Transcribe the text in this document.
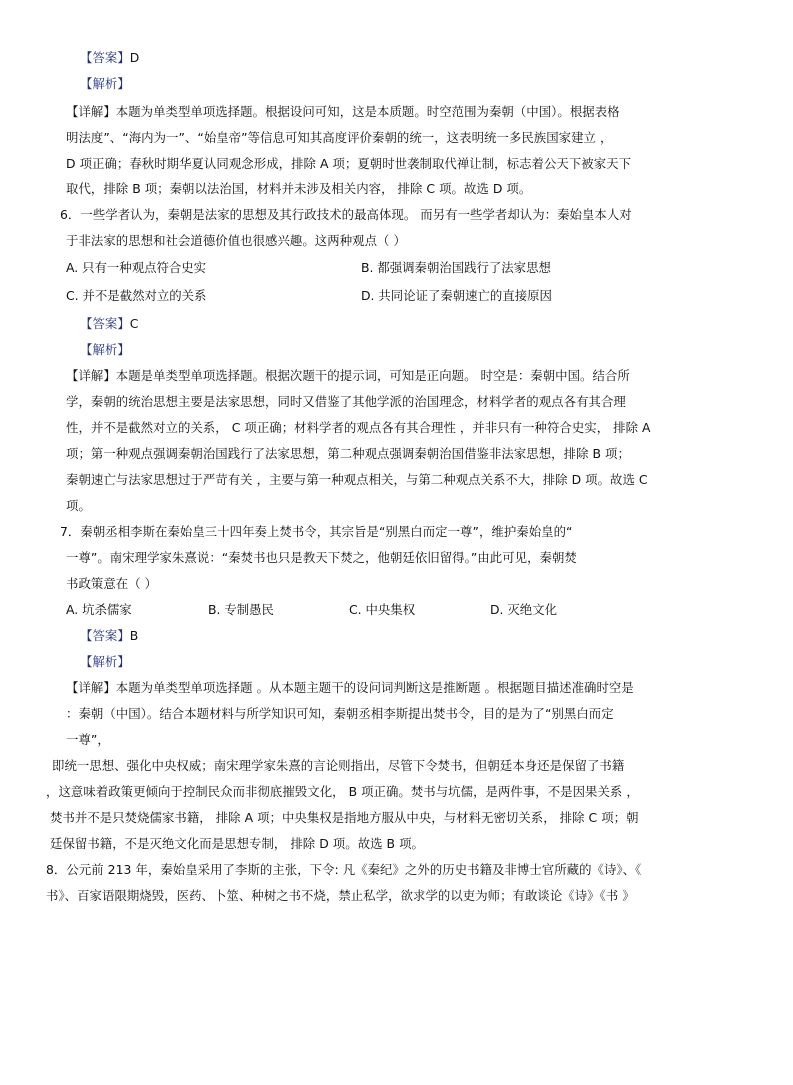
【答案】D
【解析】
【详解】本题为单类型单项选择题。根据设问可知，这是本质题。时空范围为秦朝（中国）。根据表格
明法度”、“海内为一”、“始皇帝”等信息可知其高度评价秦朝的统一，这表明统一多民族国家建立 ，
D 项正确；春秋时期华夏认同观念形成，排除 A 项；夏朝时世袭制取代禅让制，标志着公天下被家天下
取代，排除 B 项；秦朝以法治国，材料并未涉及相关内容， 排除 C 项。故选 D 项。
6．一些学者认为，秦朝是法家的思想及其行政技术的最高体现。 而另有一些学者却认为：秦始皇本人对
于非法家的思想和社会道德价值也很感兴趣。这两种观点（ ）
A. 只有一种观点符合史实	B. 都强调秦朝治国践行了法家思想
C. 并不是截然对立的关系	D. 共同论证了秦朝速亡的直接原因
【答案】C
【解析】
【详解】本题是单类型单项选择题。根据次题干的提示词，可知是正向题。 时空是：秦朝中国。结合所
学，秦朝的统治思想主要是法家思想，同时又借鉴了其他学派的治国理念，材料学者的观点各有其合理
性，并不是截然对立的关系， C 项正确；材料学者的观点各有其合理性 ，并非只有一种符合史实， 排除 A
项；第一种观点强调秦朝治国践行了法家思想，第二种观点强调秦朝治国借鉴非法家思想，排除 B 项；
秦朝速亡与法家思想过于严苛有关 ，主要与第一种观点相关，与第二种观点关系不大，排除 D 项。故选 C
项。
7．秦朝丞相李斯在秦始皇三十四年奏上焚书令，其宗旨是“别黑白而定一尊”，维护秦始皇的“
一尊”。南宋理学家朱熹说：“秦焚书也只是教天下焚之，他朝廷依旧留得。”由此可见，秦朝焚
书政策意在（ ）
A. 坑杀儒家	B. 专制愚民	C. 中央集权	D. 灭绝文化
【答案】B
【解析】
【详解】本题为单类型单项选择题 。从本题主题干的设问词判断这是推断题 。根据题目描述准确时空是
：秦朝（中国）。结合本题材料与所学知识可知，秦朝丞相李斯提出焚书令，目的是为了“别黑白而定
一尊”，
即统一思想、强化中央权威；南宋理学家朱熹的言论则指出，尽管下令焚书，但朝廷本身还是保留了书籍
，这意味着政策更倾向于控制民众而非彻底摧毁文化， B 项正确。焚书与坑儒，是两件事，不是因果关系 ，
焚书并不是只焚烧儒家书籍， 排除 A 项；中央集权是指地方服从中央，与材料无密切关系， 排除 C 项；朝
廷保留书籍，不是灭绝文化而是思想专制， 排除 D 项。故选 B 项。
8．公元前 213 年，秦始皇采用了李斯的主张，下令: 凡《秦纪》之外的历史书籍及非博士官所藏的《诗》、《
书》、百家语限期烧毁，医药、卜筮、种树之书不烧，禁止私学，欲求学的以吏为师；有敢谈论《诗》《书 》
